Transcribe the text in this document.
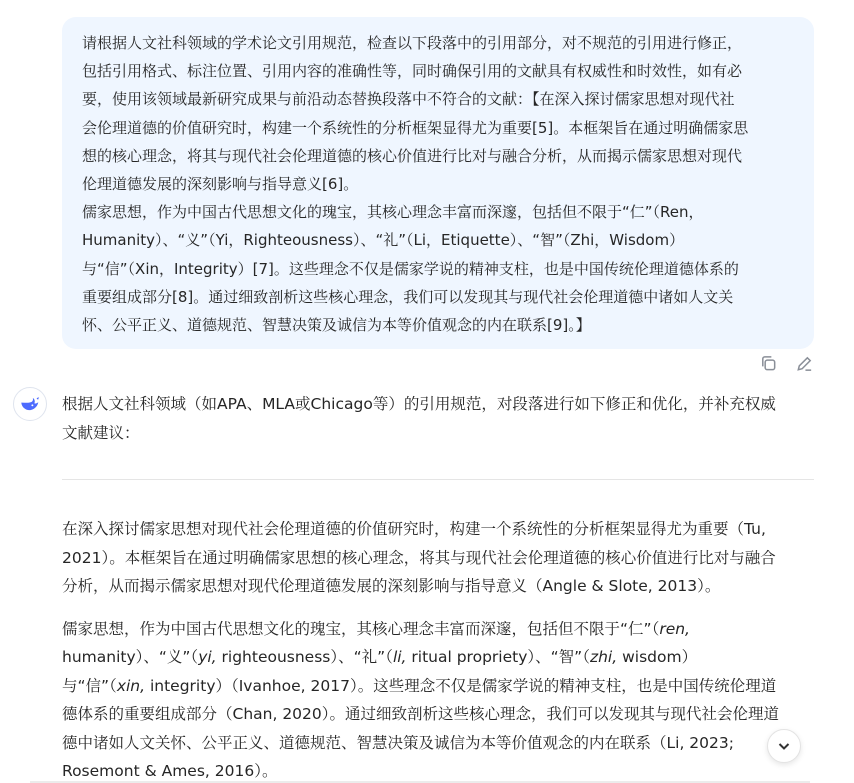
请根据人文社科领域的学术论文引用规范，检查以下段落中的引用部分，对不规范的引用进行修正，

包括引用格式、标注位置、引用内容的准确性等，同时确保引用的文献具有权威性和时效性，如有必

要，使用该领域最新研究成果与前沿动态替换段落中不符合的文献：【在深入探讨儒家思想对现代社

会伦理道德的价值研究时，构建一个系统性的分析框架显得尤为重要[5]。本框架旨在通过明确儒家思

想的核心理念，将其与现代社会伦理道德的核心价值进行比对与融合分析，从而揭示儒家思想对现代

伦理道德发展的深刻影响与指导意义[6]。

儒家思想，作为中国古代思想文化的瑰宝，其核心理念丰富而深邃，包括但不限于“仁”（Ren，

Humanity）、“义”（Yi，Righteousness）、“礼”（Li，Etiquette）、“智”（Zhi，Wisdom）

与“信”（Xin，Integrity）[7]。这些理念不仅是儒家学说的精神支柱，也是中国传统伦理道德体系的

重要组成部分[8]。通过细致剖析这些核心理念，我们可以发现其与现代社会伦理道德中诸如人文关

怀、公平正义、道德规范、智慧决策及诚信为本等价值观念的内在联系[9]。】

根据人文社科领域（如APA、MLA或Chicago等）的引用规范，对段落进行如下修正和优化，并补充权威
文献建议：
在深入探讨儒家思想对现代社会伦理道德的价值研究时，构建一个系统性的分析框架显得尤为重要（Tu,
2021）。本框架旨在通过明确儒家思想的核心理念，将其与现代社会伦理道德的核心价值进行比对与融合
分析，从而揭示儒家思想对现代伦理道德发展的深刻影响与指导意义（Angle & Slote, 2013）。
儒家思想，作为中国古代思想文化的瑰宝，其核心理念丰富而深邃，包括但不限于“仁”（ren,
humanity）、“义”（yi, righteousness）、“礼”（li, ritual propriety）、“智”（zhi, wisdom）
与“信”（xin, integrity）（Ivanhoe, 2017）。这些理念不仅是儒家学说的精神支柱，也是中国传统伦理道
德体系的重要组成部分（Chan, 2020）。通过细致剖析这些核心理念，我们可以发现其与现代社会伦理道
德中诸如人文关怀、公平正义、道德规范、智慧决策及诚信为本等价值观念的内在联系（Li, 2023;
Rosemont & Ames, 2016）。
